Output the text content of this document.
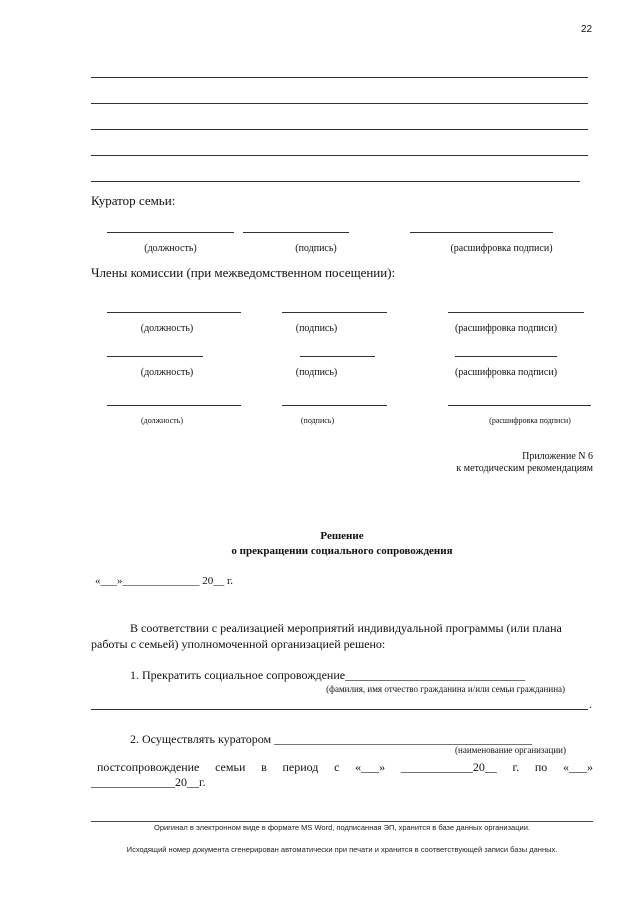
22
Куратор семьи:
(должность)	(подпись)	(расшифровка подписи)
Члены комиссии (при межведомственном посещении):
(должность)	(подпись)	(расшифровка подписи)
(должность)	(подпись)	(расшифровка подписи)
(должность)	(подпись)	(расшифровка подписи)
Приложение N 6
к методическим рекомендациям
Решение
о прекращении социального сопровождения
«___»______________ 20__ г.
В соответствии с реализацией мероприятий индивидуальной программы (или плана
работы с семьей) уполномоченной организацией решено:
1. Прекратить социальное сопровождение______________________________
(фамилия, имя отчество гражданина и/или семьи гражданина)
.
2. Осуществлять куратором ___________________________________________
(наименование организации)
постсопровождение семьи в период с «___» ____________20__ г. по «___»
______________20__г.
Оригинал в электронном виде в формате MS Word, подписанная ЭП, хранится в базе данных организации.
Исходящий номер документа сгенерирован автоматически при печати и хранится в соответствующей записи базы данных.
